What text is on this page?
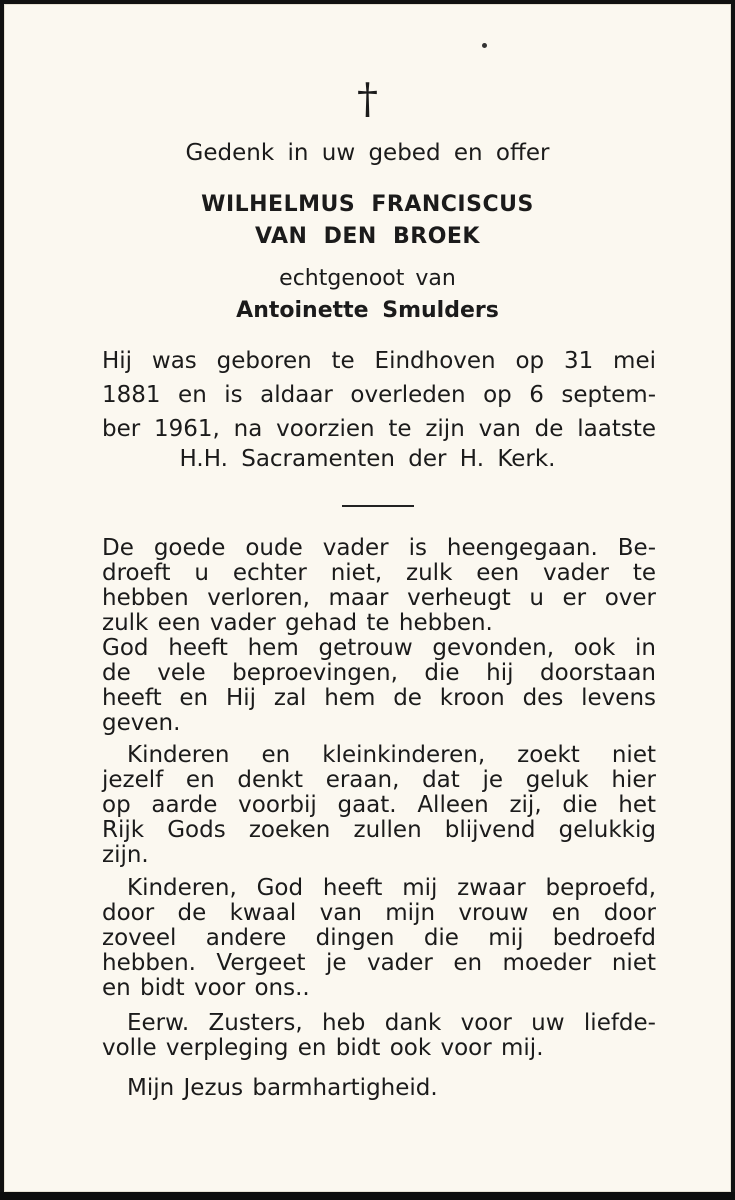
†
Gedenk in uw gebed en offer
WILHELMUS FRANCISCUS
VAN DEN BROEK
echtgenoot van
Antoinette Smulders
Hij was geboren te Eindhoven op 31 mei
1881 en is aldaar overleden op 6 septem-
ber 1961, na voorzien te zijn van de laatste
H.H. Sacramenten der H. Kerk.
De goede oude vader is heengegaan. Be-
droeft u echter niet, zulk een vader te
hebben verloren, maar verheugt u er over
zulk een vader gehad te hebben.
God heeft hem getrouw gevonden, ook in
de vele beproevingen, die hij doorstaan
heeft en Hij zal hem de kroon des levens
geven.
Kinderen en kleinkinderen, zoekt niet
jezelf en denkt eraan, dat je geluk hier
op aarde voorbij gaat. Alleen zij, die het
Rijk Gods zoeken zullen blijvend gelukkig
zijn.
Kinderen, God heeft mij zwaar beproefd,
door de kwaal van mijn vrouw en door
zoveel andere dingen die mij bedroefd
hebben. Vergeet je vader en moeder niet
en bidt voor ons..
Eerw. Zusters, heb dank voor uw liefde-
volle verpleging en bidt ook voor mij.
Mijn Jezus barmhartigheid.
